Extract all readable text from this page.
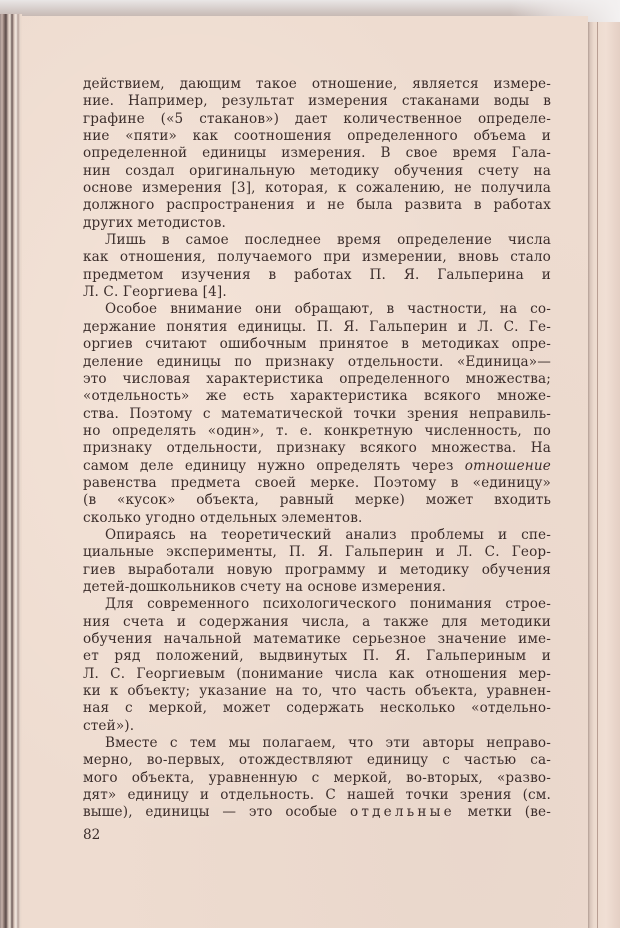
действием, дающим такое отношение, является измере-
ние. Например, результат измерения стаканами воды в
графине («5 стаканов») дает количественное определе-
ние «пяти» как соотношения определенного объема и
определенной единицы измерения. В свое время Гала-
нин создал оригинальную методику обучения счету на
основе измерения [3], которая, к сожалению, не получила
должного распространения и не была развита в работах
других методистов.
Лишь в самое последнее время определение числа
как отношения, получаемого при измерении, вновь стало
предметом изучения в работах П. Я. Гальперина и
Л. С. Георгиева [4].
Особое внимание они обращают, в частности, на со-
держание понятия единицы. П. Я. Гальперин и Л. С. Ге-
оргиев считают ошибочным принятое в методиках опре-
деление единицы по признаку отдельности. «Единица»—
это числовая характеристика определенного множества;
«отдельность» же есть характеристика всякого множе-
ства. Поэтому с математической точки зрения неправиль-
но определять «один», т. е. конкретную численность, по
признаку отдельности, признаку всякого множества. На
самом деле единицу нужно определять через отношение
равенства предмета своей мерке. Поэтому в «единицу»
(в «кусок» объекта, равный мерке) может входить
сколько угодно отдельных элементов.
Опираясь на теоретический анализ проблемы и спе-
циальные эксперименты, П. Я. Гальперин и Л. С. Геор-
гиев выработали новую программу и методику обучения
детей-дошкольников счету на основе измерения.
Для современного психологического понимания строе-
ния счета и содержания числа, а также для методики
обучения начальной математике серьезное значение име-
ет ряд положений, выдвинутых П. Я. Гальпериным и
Л. С. Георгиевым (понимание числа как отношения мер-
ки к объекту; указание на то, что часть объекта, уравнен-
ная с меркой, может содержать несколько «отдельно-
стей»).
Вместе с тем мы полагаем, что эти авторы неправо-
мерно, во-первых, отождествляют единицу с частью са-
мого объекта, уравненную с меркой, во-вторых, «разво-
дят» единицу и отдельность. С нашей точки зрения (см.
выше), единицы — это особые отдельные метки (ве-
82
